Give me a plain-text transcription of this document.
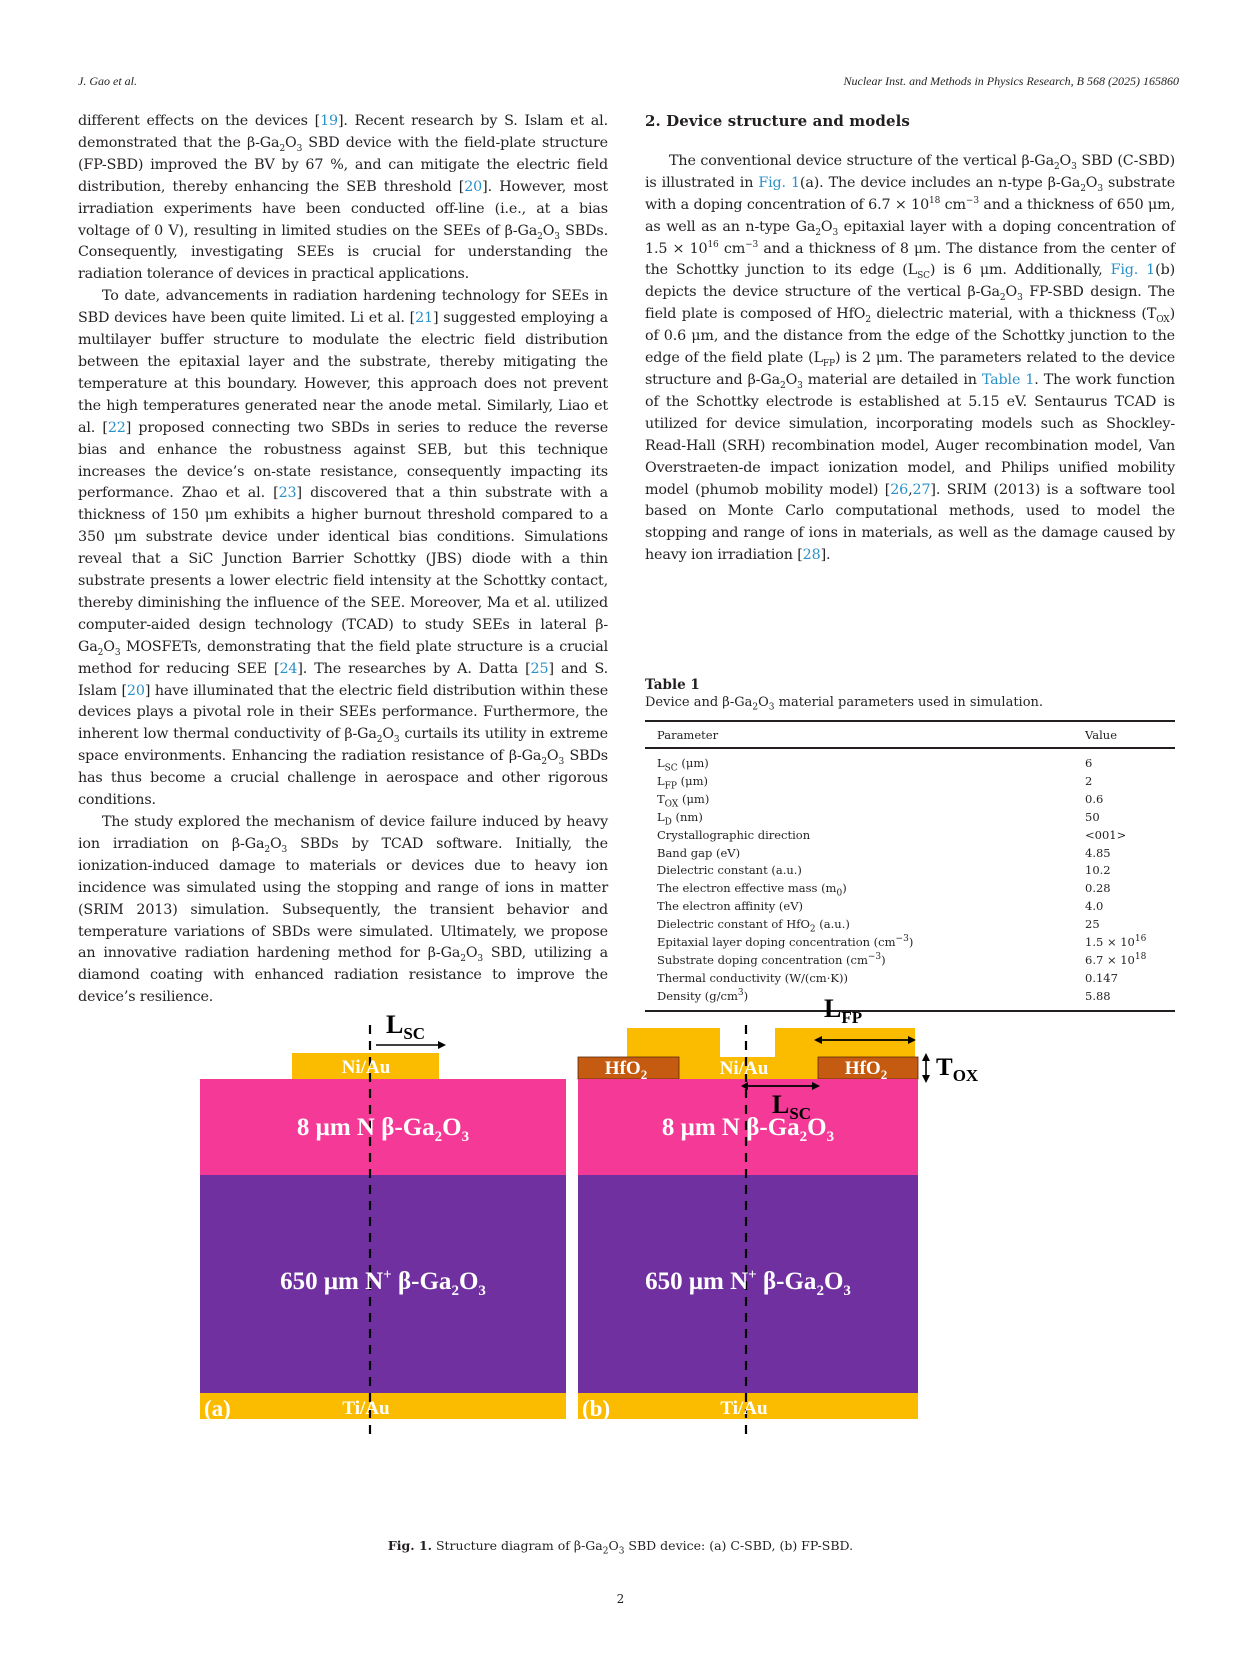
J. Gao et al.	Nuclear Inst. and Methods in Physics Research, B 568 (2025) 165860

different effects on the devices [19]. Recent research by S. Islam et al. demonstrated that the $\beta-Ga_2O_3$ SBD device with the field-plate structure (FP-SBD) improved the BV by 67 %, and can mitigate the electric field distribution, thereby enhancing the SEB threshold [20]. However, most irradiation experiments have been conducted off-line (i.e., at a bias voltage of 0 V), resulting in limited studies on the SEEs of $\beta-Ga_2O_3$ SBDs. Consequently, investigating SEEs is crucial for understanding the radiation tolerance of devices in practical applications.

To date, advancements in radiation hardening technology for SEEs in SBD devices have been quite limited. Li et al. [21] suggested employing a multilayer buffer structure to modulate the electric field distribution between the epitaxial layer and the substrate, thereby mitigating the temperature at this boundary. However, this approach does not prevent the high temperatures generated near the anode metal. Similarly, Liao et al. [22] proposed connecting two SBDs in series to reduce the reverse bias and enhance the robustness against SEB, but this technique increases the device’s on-state resistance, consequently impacting its performance. Zhao et al. [23] discovered that a thin substrate with a thickness of 150 μm exhibits a higher burnout threshold compared to a 350 μm substrate device under identical bias conditions. Simulations reveal that a SiC Junction Barrier Schottky (JBS) diode with a thin substrate presents a lower electric field intensity at the Schottky contact, thereby diminishing the influence of the SEE. Moreover, Ma et al. utilized computer-aided design technology (TCAD) to study SEEs in lateral $\beta-Ga_2O_3$ MOSFETs, demonstrating that the field plate structure is a crucial method for reducing SEE [24]. The researches by A. Datta [25] and S. Islam [20] have illuminated that the electric field distribution within these devices plays a pivotal role in their SEEs performance. Furthermore, the inherent low thermal conductivity of $\beta-Ga_2O_3$ curtails its utility in extreme space environments. Enhancing the radiation resistance of $\beta-Ga_2O_3$ SBDs has thus become a crucial challenge in aerospace and other rigorous conditions.

The study explored the mechanism of device failure induced by heavy ion irradiation on $\beta-Ga_2O_3$ SBDs by TCAD software. Initially, the ionization-induced damage to materials or devices due to heavy ion incidence was simulated using the stopping and range of ions in matter (SRIM 2013) simulation. Subsequently, the transient behavior and temperature variations of SBDs were simulated. Ultimately, we propose an innovative radiation hardening method for $\beta-Ga_2O_3$ SBD, utilizing a diamond coating with enhanced radiation resistance to improve the device’s resilience.

2. Device structure and models

The conventional device structure of the vertical $\beta-Ga_2O_3$ SBD (C-SBD) is illustrated in Fig. 1(a). The device includes an n-type $\beta-Ga_2O_3$ substrate with a doping concentration of $6.7 \times 10^{18}$ $cm^{-3}$ and a thickness of 650 μm, as well as an n-type $Ga_2O_3$ epitaxial layer with a doping concentration of $1.5 \times 10^{16}$ $cm^{-3}$ and a thickness of 8 μm. The distance from the center of the Schottky junction to its edge $(L_{SC})$ is 6 μm. Additionally, Fig. 1(b) depicts the device structure of the vertical $\beta-Ga_2O_3$ FP-SBD design. The field plate is composed of HfO$_2$ dielectric material, with a thickness $(T_{OX})$ of 0.6 μm, and the distance from the edge of the Schottky junction to the edge of the field plate $(L_{FP})$ is 2 μm. The parameters related to the device structure and $\beta-Ga_2O_3$ material are detailed in Table 1. The work function of the Schottky electrode is established at 5.15 eV. Sentaurus TCAD is utilized for device simulation, incorporating models such as Shockley-Read-Hall (SRH) recombination model, Auger recombination model, Van Overstraeten-de impact ionization model, and Philips unified mobility model (phumob mobility model) [26,27]. SRIM (2013) is a software tool based on Monte Carlo computational methods, used to model the stopping and range of ions in materials, as well as the damage caused by heavy ion irradiation [28].

Table 1
Device and $\beta-Ga_2O_3$ material parameters used in simulation.
Parameter	Value
$L_{SC}$ (μm)	6
$L_{FP}$ (μm)	2
$T_{OX}$ (μm)	0.6
$L_D$ (nm)	50
Crystallographic direction	<001>
Band gap (eV)	4.85
Dielectric constant (a.u.)	10.2
The electron effective mass $(m_0)$	0.28
The electron affinity (eV)	4.0
Dielectric constant of HfO$_2$ (a.u.)	25
Epitaxial layer doping concentration $(cm^{-3})$	$1.5 \times 10^{16}$
Substrate doping concentration $(cm^{-3})$	$6.7 \times 10^{18}$
Thermal conductivity (W/(cm·K))	0.147
Density $(g/cm^3)$	5.88
$L_{SC}$
Ni/Au
8 μm N $\beta-Ga_2O_3$
650 μm N+ $\beta-Ga_2O_3$
Ti/Au
(a)
$L_{SC}$
$L_{FP}$
$T_{OX}$
HfO$_2$	HfO$_2$
Ni/Au
8 μm N $\beta-Ga_2O_3$
650 μm N+ $\beta-Ga_2O_3$
Ti/Au
(b)
Fig. 1. Structure diagram of $\beta-Ga_2O_3$ SBD device: (a) C-SBD, (b) FP-SBD.
2
